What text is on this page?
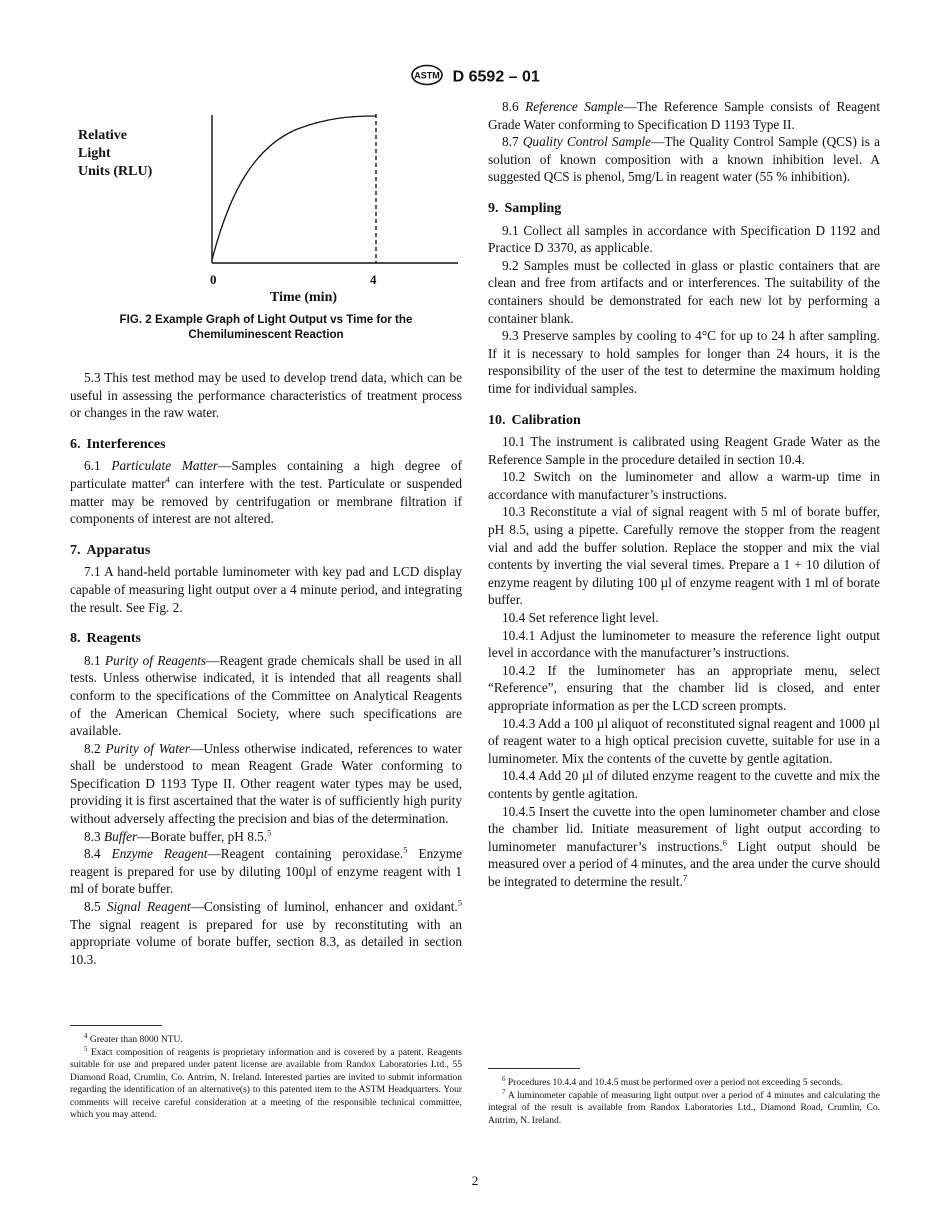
ASTM D 6592 – 01
Relative
Light
Units (RLU)
0	4
Time (min)
FIG. 2 Example Graph of Light Output vs Time for the
Chemiluminescent Reaction

5.3 This test method may be used to develop trend data, which can be useful in assessing the performance characteristics of treatment process or changes in the raw water.

6. Interferences

6.1 Particulate Matter—Samples containing a high degree of particulate matter$^4$ can interfere with the test. Particulate or suspended matter may be removed by centrifugation or membrane filtration if components of interest are not altered.

7. Apparatus

7.1 A hand-held portable luminometer with key pad and LCD display capable of measuring light output over a 4 minute period, and integrating the result. See Fig. 2.

8. Reagents

8.1 Purity of Reagents—Reagent grade chemicals shall be used in all tests. Unless otherwise indicated, it is intended that all reagents shall conform to the specifications of the Committee on Analytical Reagents of the American Chemical Society, where such specifications are available.

8.2 Purity of Water—Unless otherwise indicated, references to water shall be understood to mean Reagent Grade Water conforming to Specification D 1193 Type II. Other reagent water types may be used, providing it is first ascertained that the water is of sufficiently high purity without adversely affecting the precision and bias of the determination.

8.3 Buffer—Borate buffer, pH 8.5.$^5$

8.4 Enzyme Reagent—Reagent containing peroxidase.$^5$ Enzyme reagent is prepared for use by diluting 100µl of enzyme reagent with 1 ml of borate buffer.

8.5 Signal Reagent—Consisting of luminol, enhancer and oxidant.$^5$ The signal reagent is prepared for use by reconstituting with an appropriate volume of borate buffer, section 8.3, as detailed in section 10.3.

$^4$ Greater than 8000 NTU.

$^5$ Exact composition of reagents is proprietary information and is covered by a patent. Reagents suitable for use and prepared under patent license are available from Randox Laboratories Ltd., 55 Diamond Road, Crumlin, Co. Antrim, N. Ireland. Interested parties are invited to submit information regarding the identification of an alternative(s) to this patented item to the ASTM Headquarters. Your comments will receive careful consideration at a meeting of the responsible technical committee, which you may attend.

8.6 Reference Sample—The Reference Sample consists of Reagent Grade Water conforming to Specification D 1193 Type II.

8.7 Quality Control Sample—The Quality Control Sample (QCS) is a solution of known composition with a known inhibition level. A suggested QCS is phenol, 5mg/L in reagent water (55 % inhibition).

9. Sampling

9.1 Collect all samples in accordance with Specification D 1192 and Practice D 3370, as applicable.

9.2 Samples must be collected in glass or plastic containers that are clean and free from artifacts and or interferences. The suitability of the containers should be demonstrated for each new lot by performing a container blank.

9.3 Preserve samples by cooling to 4°C for up to 24 h after sampling. If it is necessary to hold samples for longer than 24 hours, it is the responsibility of the user of the test to determine the maximum holding time for individual samples.

10. Calibration

10.1 The instrument is calibrated using Reagent Grade Water as the Reference Sample in the procedure detailed in section 10.4.

10.2 Switch on the luminometer and allow a warm-up time in accordance with manufacturer’s instructions.

10.3 Reconstitute a vial of signal reagent with 5 ml of borate buffer, pH 8.5, using a pipette. Carefully remove the stopper from the reagent vial and add the buffer solution. Replace the stopper and mix the vial contents by inverting the vial several times. Prepare a 1 + 10 dilution of enzyme reagent by diluting 100 µl of enzyme reagent with 1 ml of borate buffer.

10.4 Set reference light level.

10.4.1 Adjust the luminometer to measure the reference light output level in accordance with the manufacturer’s instructions.

10.4.2 If the luminometer has an appropriate menu, select “Reference”, ensuring that the chamber lid is closed, and enter appropriate information as per the LCD screen prompts.

10.4.3 Add a 100 µl aliquot of reconstituted signal reagent and 1000 µl of reagent water to a high optical precision cuvette, suitable for use in a luminometer. Mix the contents of the cuvette by gentle agitation.

10.4.4 Add 20 µl of diluted enzyme reagent to the cuvette and mix the contents by gentle agitation.

10.4.5 Insert the cuvette into the open luminometer chamber and close the chamber lid. Initiate measurement of light output according to luminometer manufacturer’s instructions.$^6$ Light output should be measured over a period of 4 minutes, and the area under the curve should be integrated to determine the result.$^7$

$^6$ Procedures 10.4.4 and 10.4.5 must be performed over a period not exceeding 5 seconds.

$^7$ A luminometer capable of measuring light output over a period of 4 minutes and calculating the integral of the result is available from Randox Laboratories Ltd., Diamond Road, Crumlin, Co. Antrim, N. Ireland.

2
